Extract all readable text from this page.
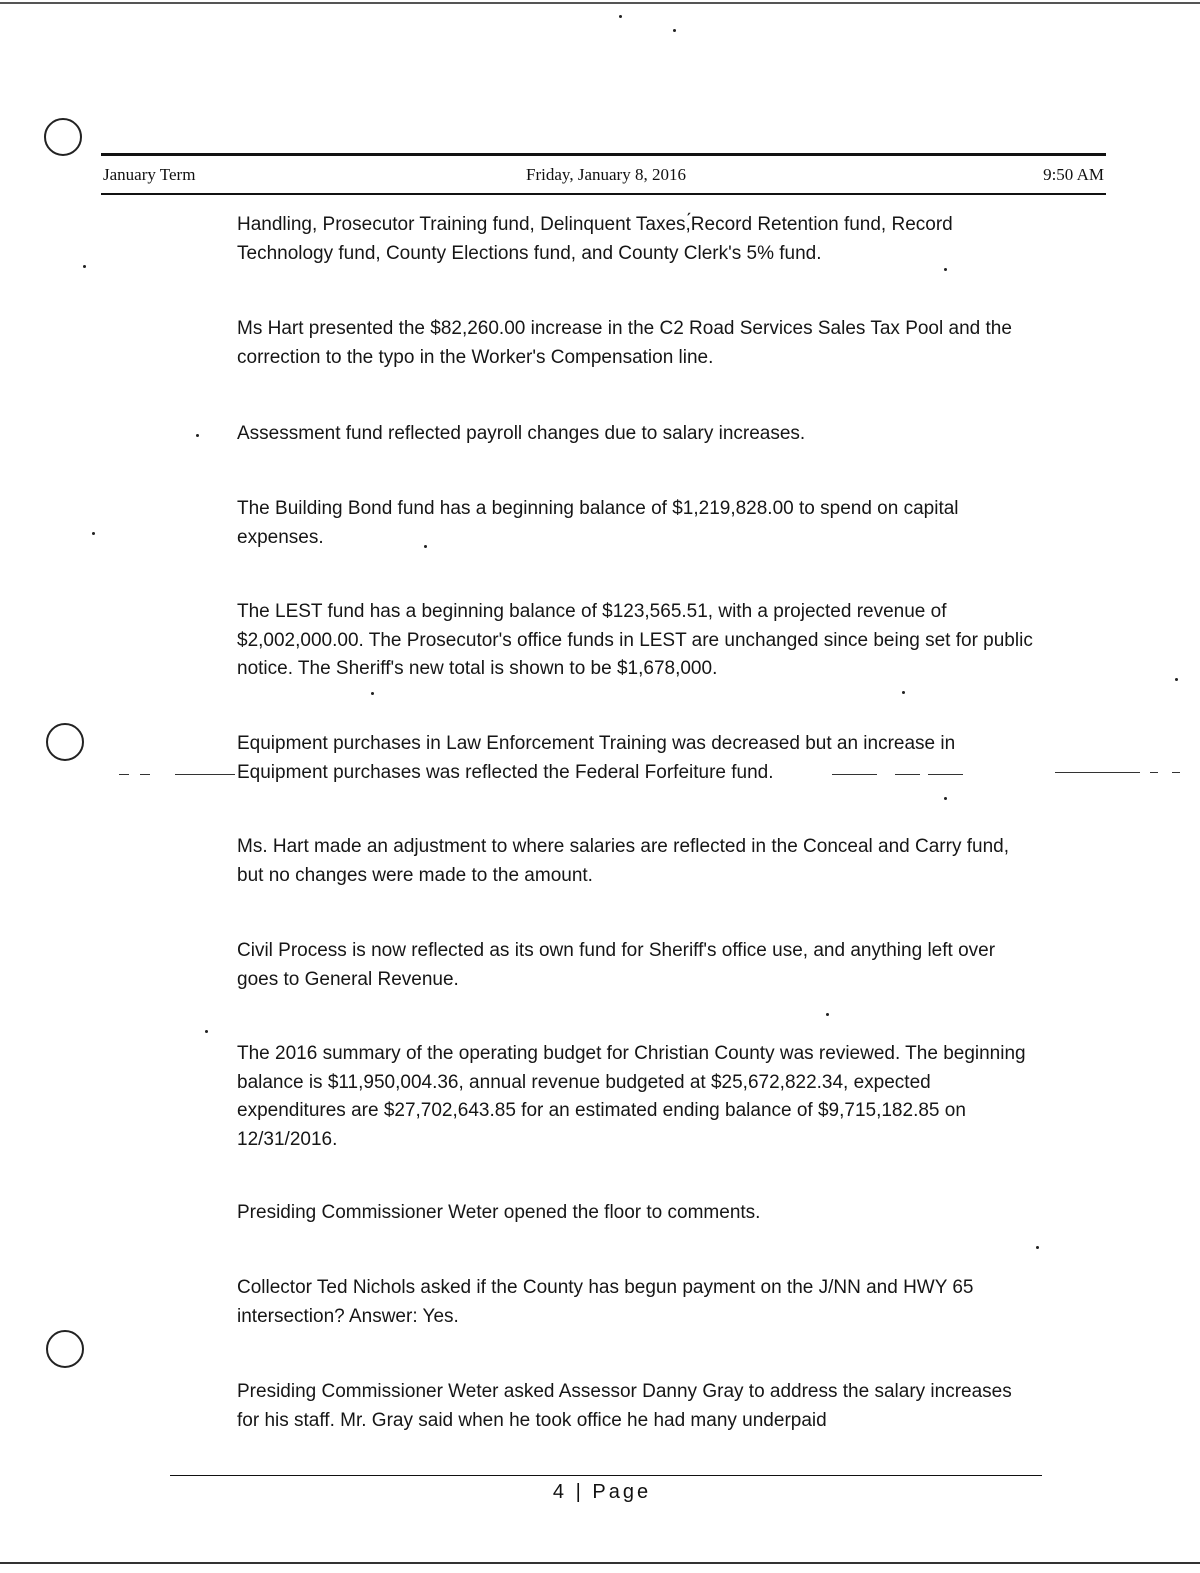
January Term	Friday, January 8, 2016	9:50 AM
Handling, Prosecutor Training fund, Delinquent Taxes,́Record Retention fund, Record Technology fund, County Elections fund, and County Clerk's 5% fund.
Ms Hart presented the $82,260.00 increase in the C2 Road Services Sales Tax Pool and the correction to the typo in the Worker's Compensation line.
Assessment fund reflected payroll changes due to salary increases.
The Building Bond fund has a beginning balance of $1,219,828.00 to spend on capital expenses.
The LEST fund has a beginning balance of $123,565.51, with a projected revenue of $2,002,000.00. The Prosecutor's office funds in LEST are unchanged since being set for public notice. The Sheriff's new total is shown to be $1,678,000.
Equipment purchases in Law Enforcement Training was decreased but an increase in Equipment purchases was reflected the Federal Forfeiture fund.
Ms. Hart made an adjustment to where salaries are reflected in the Conceal and Carry fund, but no changes were made to the amount.
Civil Process is now reflected as its own fund for Sheriff's office use, and anything left over goes to General Revenue.
The 2016 summary of the operating budget for Christian County was reviewed. The beginning balance is $11,950,004.36, annual revenue budgeted at $25,672,822.34, expected expenditures are $27,702,643.85 for an estimated ending balance of $9,715,182.85 on 12/31/2016.
Presiding Commissioner Weter opened the floor to comments.
Collector Ted Nichols asked if the County has begun payment on the J/NN and HWY 65 intersection? Answer: Yes.
Presiding Commissioner Weter asked Assessor Danny Gray to address the salary increases for his staff. Mr. Gray said when he took office he had many underpaid
4 | Page
